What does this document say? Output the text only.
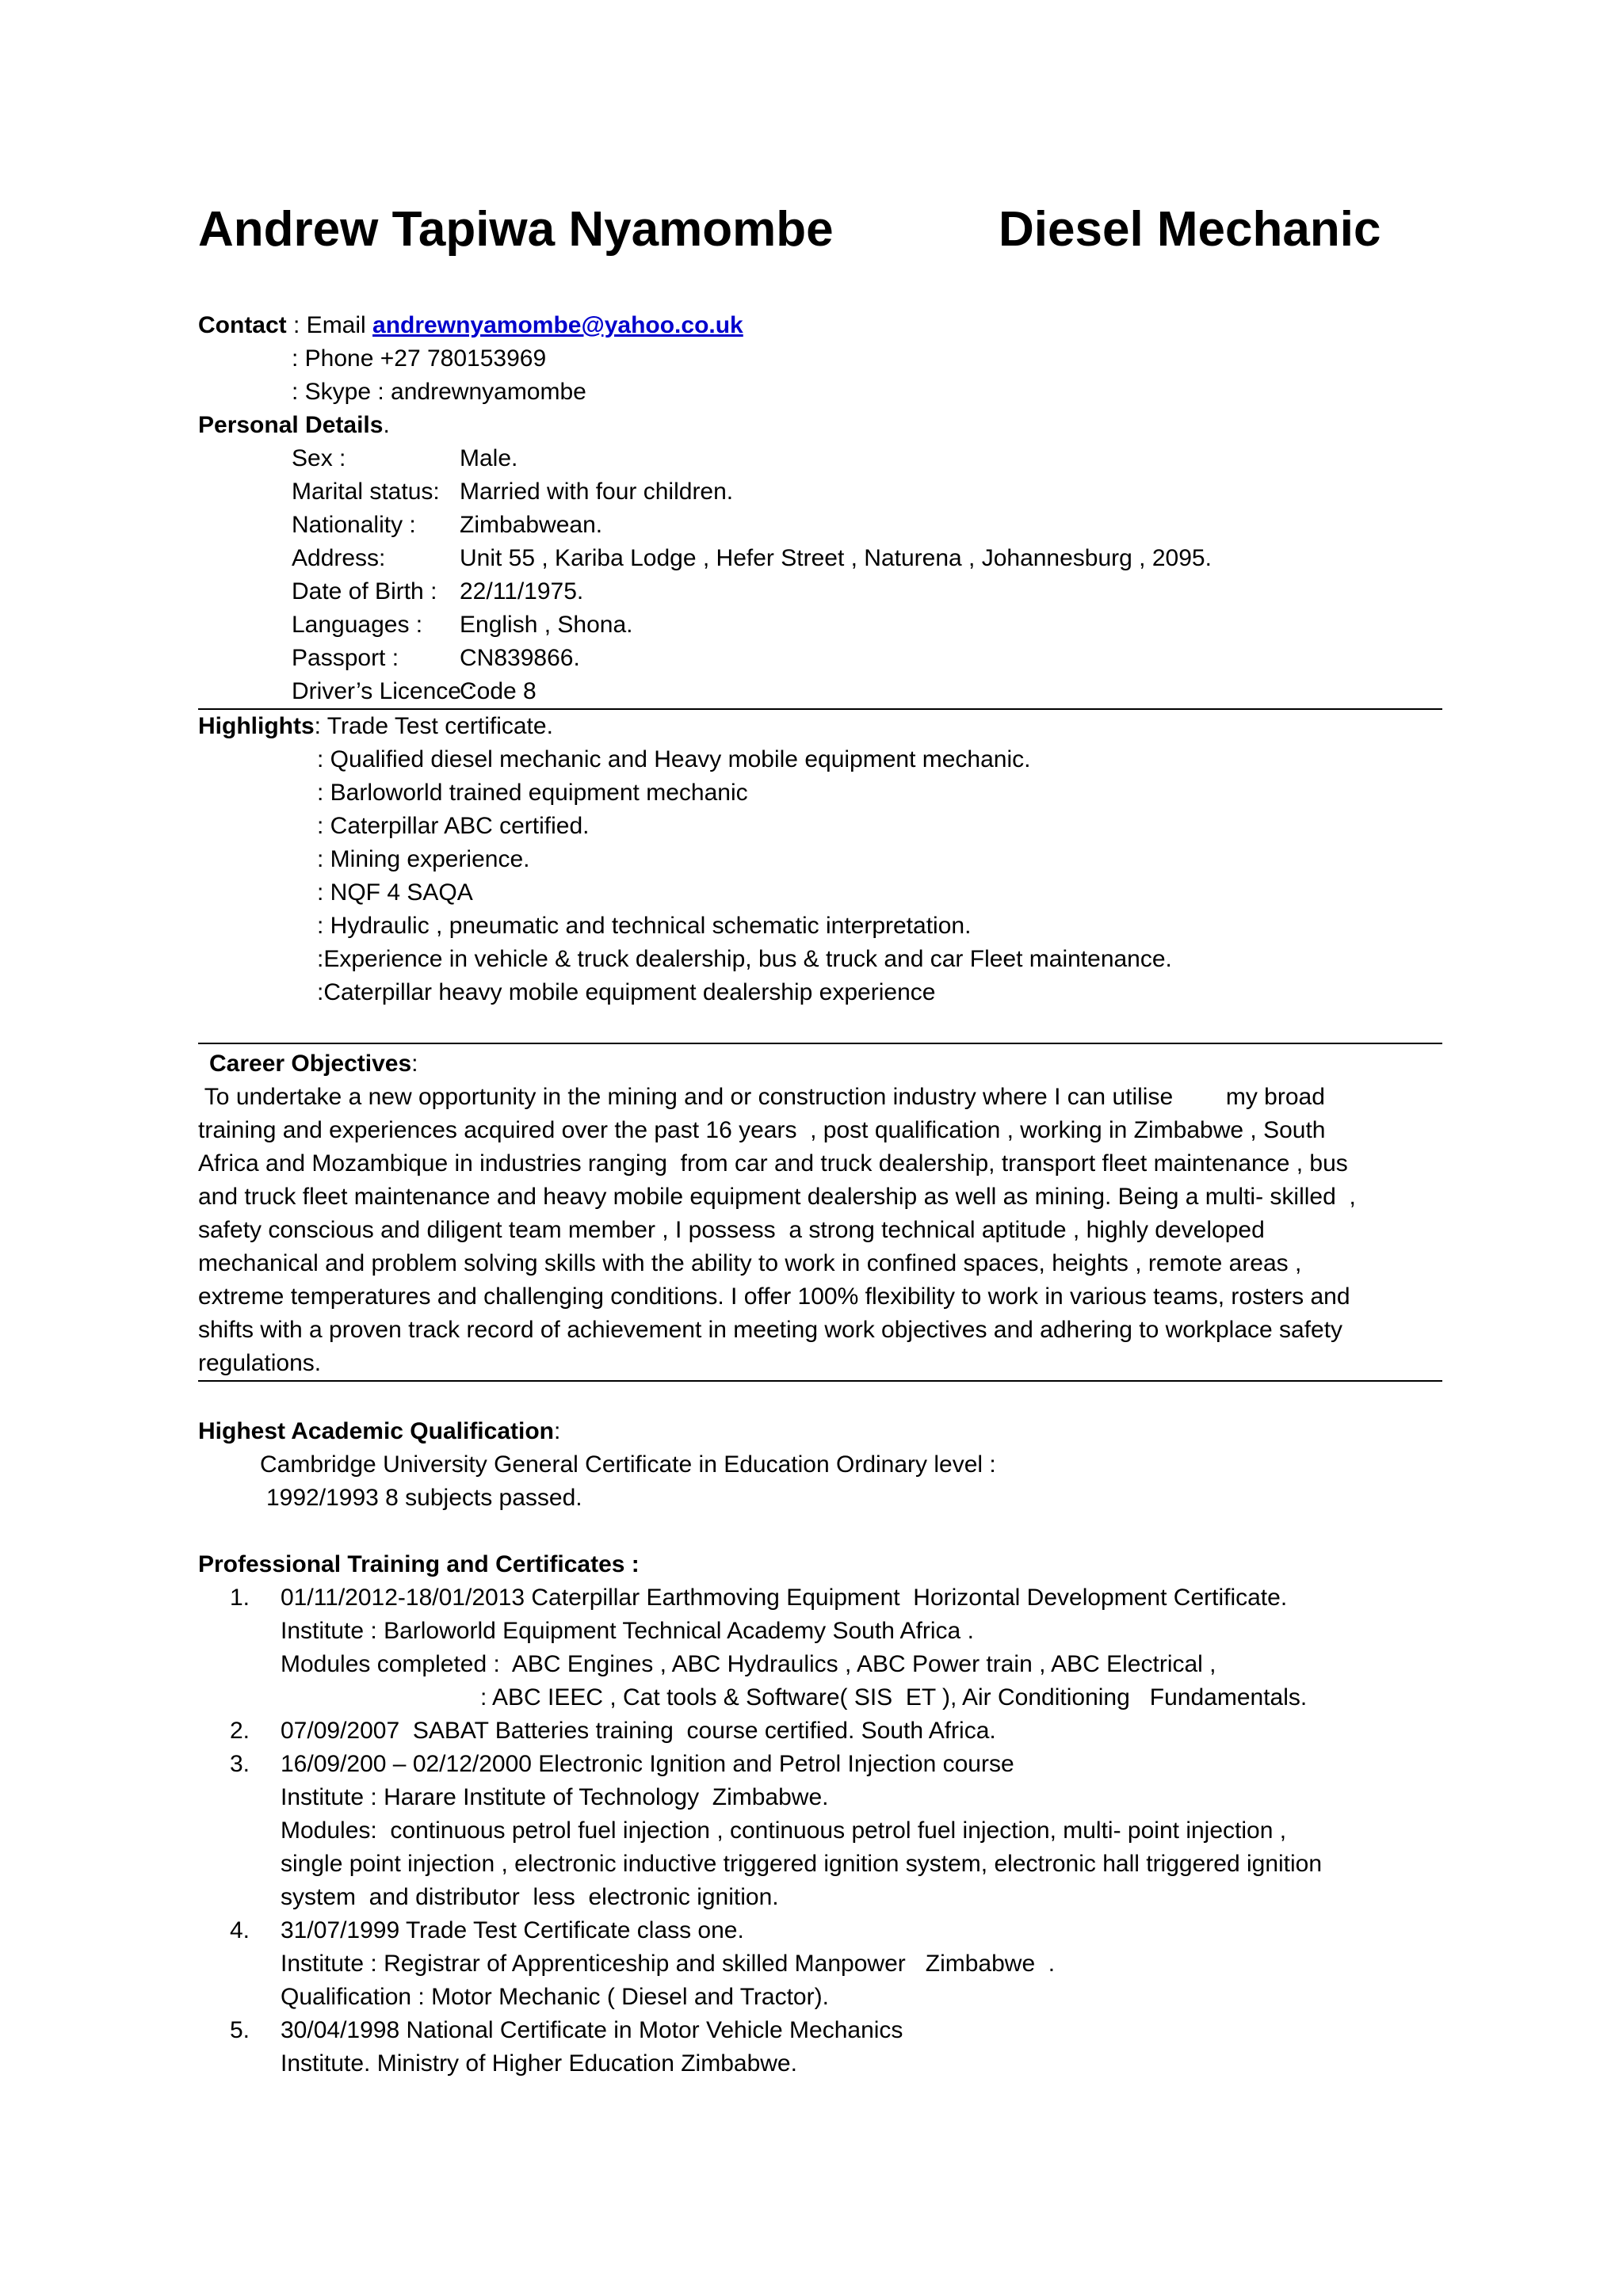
Andrew Tapiwa Nyamombe	Diesel Mechanic
Contact : Email andrewnyamombe@yahoo.co.uk
: Phone +27 780153969
: Skype : andrewnyamombe
Personal Details.
Sex :	Male.
Marital status: Married with four children.
Nationality : Zimbabwean.
Address:	Unit 55 , Kariba Lodge , Hefer Street , Naturena , Johannesburg , 2095.
Date of Birth : 22/11/1975.
Languages : English , Shona.
Passport :	CN839866.
Driver’s Licence :Code 8
Highlights: Trade Test certificate.
: Qualified diesel mechanic and Heavy mobile equipment mechanic.
: Barloworld trained equipment mechanic
: Caterpillar ABC certified.
: Mining experience.
: NQF 4 SAQA
: Hydraulic , pneumatic and technical schematic interpretation.
:Experience in vehicle & truck dealership, bus & truck and car Fleet maintenance.
:Caterpillar heavy mobile equipment dealership experience
Career Objectives:
To undertake a new opportunity in the mining and or construction industry where I can utilise        my broad
training and experiences acquired over the past 16 years  , post qualification , working in Zimbabwe , South
Africa and Mozambique in industries ranging  from car and truck dealership, transport fleet maintenance , bus
and truck fleet maintenance and heavy mobile equipment dealership as well as mining. Being a multi- skilled  ,
safety conscious and diligent team member , I possess  a strong technical aptitude , highly developed
mechanical and problem solving skills with the ability to work in confined spaces, heights , remote areas ,
extreme temperatures and challenging conditions. I offer 100% flexibility to work in various teams, rosters and
shifts with a proven track record of achievement in meeting work objectives and adhering to workplace safety
regulations.
Highest Academic Qualification:
Cambridge University General Certificate in Education Ordinary level :
1992/1993 8 subjects passed.
Professional Training and Certificates :
1. 01/11/2012-18/01/2013 Caterpillar Earthmoving Equipment  Horizontal Development Certificate.
Institute : Barloworld Equipment Technical Academy South Africa .
Modules completed :  ABC Engines , ABC Hydraulics , ABC Power train , ABC Electrical ,
: ABC IEEC , Cat tools & Software( SIS  ET ), Air Conditioning   Fundamentals.
2. 07/09/2007  SABAT Batteries training  course certified. South Africa.
3. 16/09/200 – 02/12/2000 Electronic Ignition and Petrol Injection course
Institute : Harare Institute of Technology  Zimbabwe.
Modules:  continuous petrol fuel injection , continuous petrol fuel injection, multi- point injection ,
single point injection , electronic inductive triggered ignition system, electronic hall triggered ignition
system  and distributor  less  electronic ignition.
4. 31/07/1999 Trade Test Certificate class one.
Institute : Registrar of Apprenticeship and skilled Manpower   Zimbabwe  .
Qualification : Motor Mechanic ( Diesel and Tractor).
5. 30/04/1998 National Certificate in Motor Vehicle Mechanics
Institute. Ministry of Higher Education Zimbabwe.
